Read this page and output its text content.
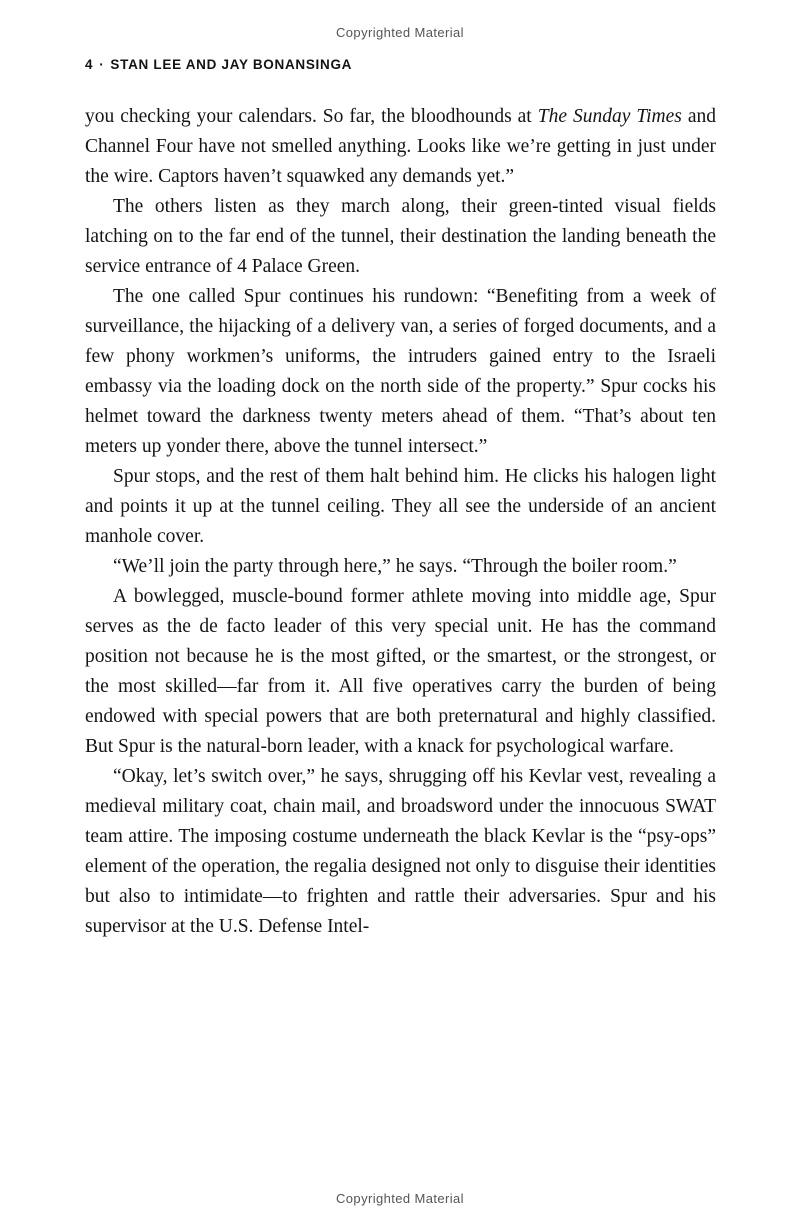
Copyrighted Material
4 · STAN LEE AND JAY BONANSINGA

you checking your calendars. So far, the bloodhounds at The Sunday Times and Channel Four have not smelled anything. Looks like we’re getting in just under the wire. Captors haven’t squawked any demands yet.”

The others listen as they march along, their green-tinted visual fields latching on to the far end of the tunnel, their destination the landing beneath the service entrance of 4 Palace Green.

The one called Spur continues his rundown: “Benefiting from a week of surveillance, the hijacking of a delivery van, a series of forged documents, and a few phony workmen’s uniforms, the intruders gained entry to the Israeli embassy via the loading dock on the north side of the property.” Spur cocks his helmet toward the darkness twenty meters ahead of them. “That’s about ten meters up yonder there, above the tunnel intersect.”

Spur stops, and the rest of them halt behind him. He clicks his halogen light and points it up at the tunnel ceiling. They all see the underside of an ancient manhole cover.

“We’ll join the party through here,” he says. “Through the boiler room.”

A bowlegged, muscle-bound former athlete moving into middle age, Spur serves as the de facto leader of this very special unit. He has the command position not because he is the most gifted, or the smartest, or the strongest, or the most skilled—far from it. All five operatives carry the burden of being endowed with special powers that are both preternatural and highly classified. But Spur is the natural-born leader, with a knack for psychological warfare.

“Okay, let’s switch over,” he says, shrugging off his Kevlar vest, revealing a medieval military coat, chain mail, and broadsword under the innocuous SWAT team attire. The imposing costume underneath the black Kevlar is the “psy-ops” element of the operation, the regalia designed not only to disguise their identities but also to intimidate—to frighten and rattle their adversaries. Spur and his supervisor at the U.S. Defense Intel-

Copyrighted Material
